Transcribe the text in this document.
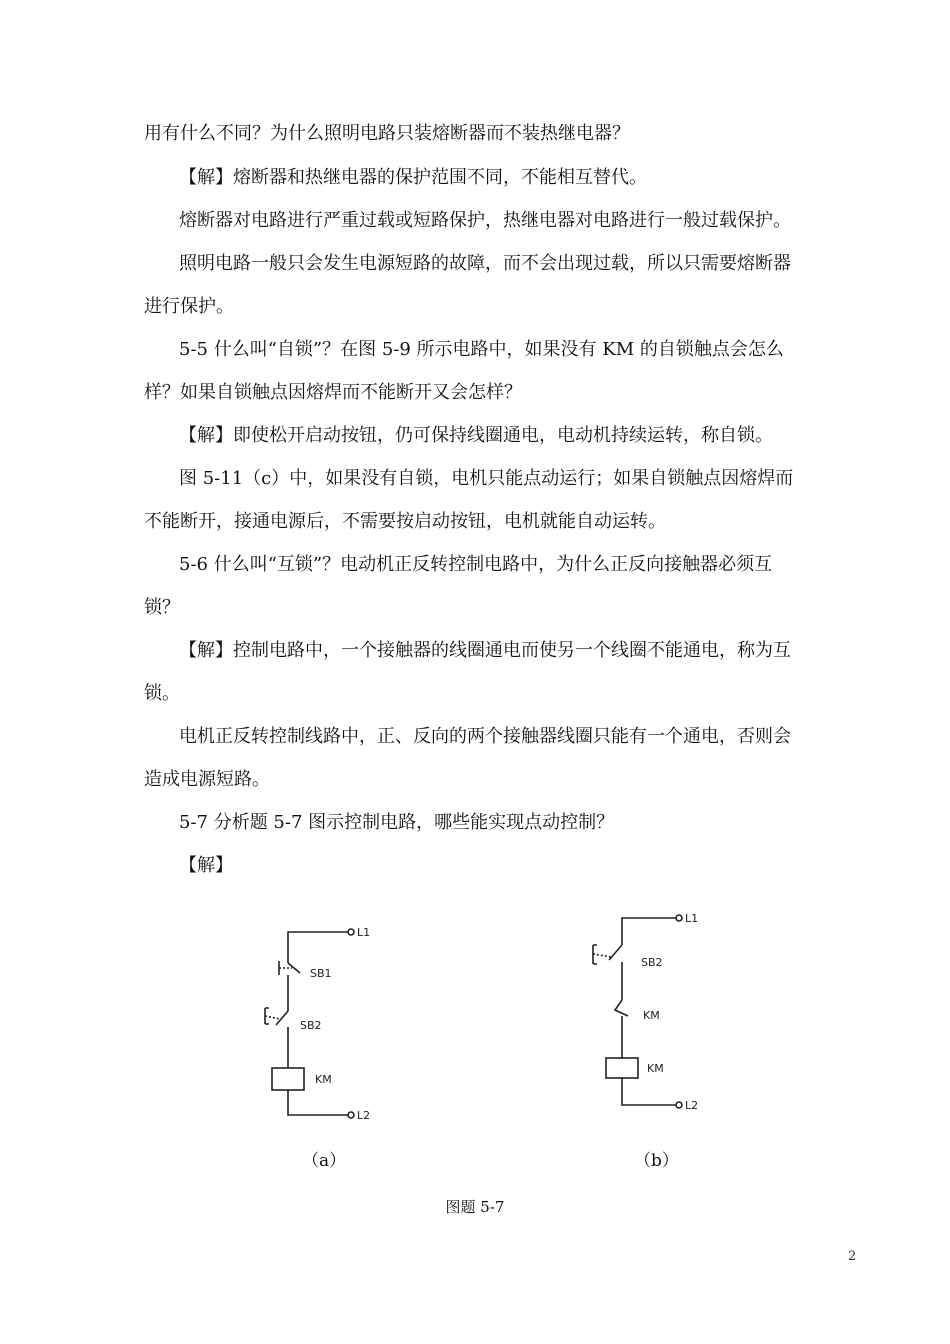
用有什么不同？为什么照明电路只装熔断器而不装热继电器？
【解】熔断器和热继电器的保护范围不同，不能相互替代。
熔断器对电路进行严重过载或短路保护，热继电器对电路进行一般过载保护。
照明电路一般只会发生电源短路的故障，而不会出现过载，所以只需要熔断器
进行保护。
5-5 什么叫“自锁”？在图 5-9 所示电路中，如果没有 KM 的自锁触点会怎么
样？如果自锁触点因熔焊而不能断开又会怎样？
【解】即使松开启动按钮，仍可保持线圈通电，电动机持续运转，称自锁。
图 5-11（c）中，如果没有自锁，电机只能点动运行；如果自锁触点因熔焊而
不能断开，接通电源后，不需要按启动按钮，电机就能自动运转。
5-6 什么叫“互锁”？电动机正反转控制电路中，为什么正反向接触器必须互
锁？
【解】控制电路中，一个接触器的线圈通电而使另一个线圈不能通电，称为互
锁。
电机正反转控制线路中，正、反向的两个接触器线圈只能有一个通电，否则会
造成电源短路。
5-7 分析题 5-7 图示控制电路，哪些能实现点动控制？
【解】
L1
SB1
SB2
KM
L2
L1
SB2
KM
KM
L2
（a）	（b）
图题 5-7
2
